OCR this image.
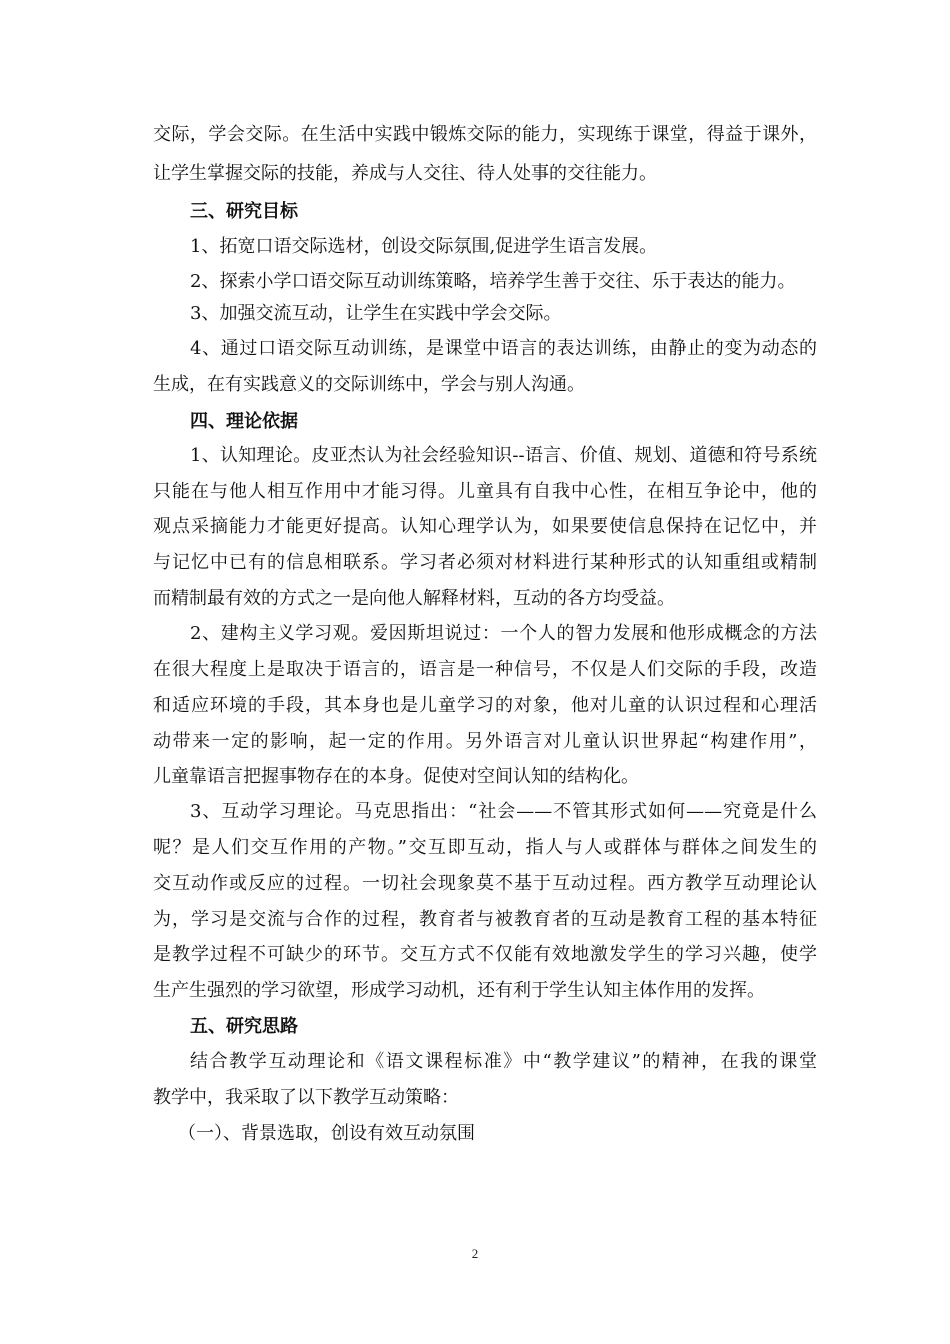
交际，学会交际。在生活中实践中锻炼交际的能力，实现练于课堂，得益于课外，
让学生掌握交际的技能，养成与人交往、待人处事的交往能力。
三、研究目标
1、拓宽口语交际选材，创设交际氛围,促进学生语言发展。
2、探索小学口语交际互动训练策略，培养学生善于交往、乐于表达的能力。
3、加强交流互动，让学生在实践中学会交际。
4、通过口语交际互动训练，是课堂中语言的表达训练，由静止的变为动态的
生成，在有实践意义的交际训练中，学会与别人沟通。
四、理论依据
1、认知理论。皮亚杰认为社会经验知识--语言、价值、规划、道德和符号系统
只能在与他人相互作用中才能习得。儿童具有自我中心性，在相互争论中，他的
观点采摘能力才能更好提高。认知心理学认为，如果要使信息保持在记忆中，并
与记忆中已有的信息相联系。学习者必须对材料进行某种形式的认知重组或精制
而精制最有效的方式之一是向他人解释材料，互动的各方均受益。
2、建构主义学习观。爱因斯坦说过：一个人的智力发展和他形成概念的方法
在很大程度上是取决于语言的，语言是一种信号，不仅是人们交际的手段，改造
和适应环境的手段，其本身也是儿童学习的对象，他对儿童的认识过程和心理活
动带来一定的影响，起一定的作用。另外语言对儿童认识世界起“构建作用”，
儿童靠语言把握事物存在的本身。促使对空间认知的结构化。
3、互动学习理论。马克思指出：“社会——不管其形式如何——究竟是什么
呢？是人们交互作用的产物。”交互即互动，指人与人或群体与群体之间发生的
交互动作或反应的过程。一切社会现象莫不基于互动过程。西方教学互动理论认
为，学习是交流与合作的过程，教育者与被教育者的互动是教育工程的基本特征
是教学过程不可缺少的环节。交互方式不仅能有效地激发学生的学习兴趣，使学
生产生强烈的学习欲望，形成学习动机，还有利于学生认知主体作用的发挥。
五、研究思路
结合教学互动理论和《语文课程标准》中“教学建议”的精神，在我的课堂
教学中，我采取了以下教学互动策略：
（一）、背景选取，创设有效互动氛围
2
